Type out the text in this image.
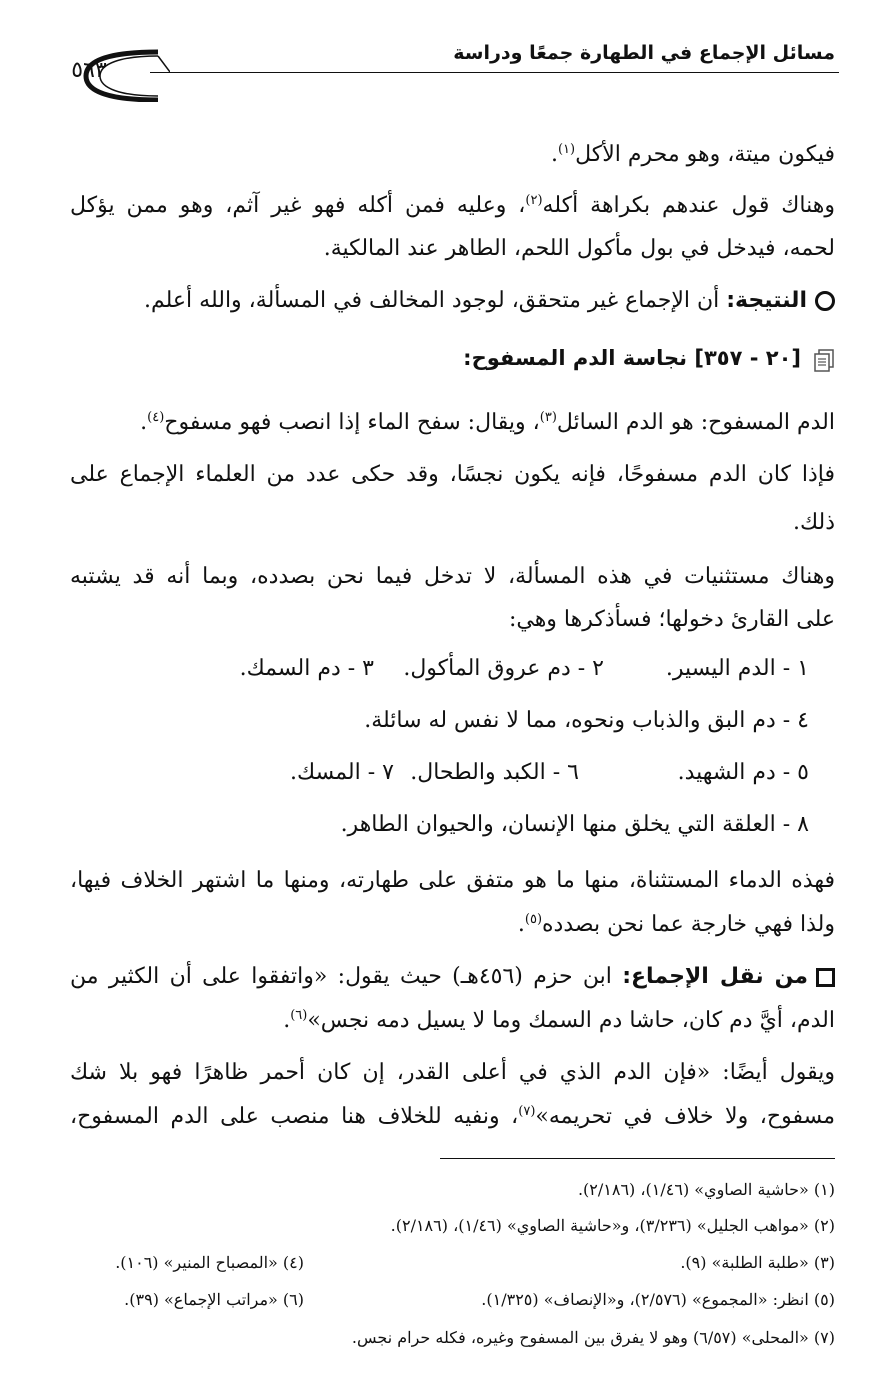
مسائل الإجماع في الطهارة جمعًا ودراسة
٥٦٣
فيكون ميتة، وهو محرم الأكل$^{(١)}$.
وهناك قول عندهم بكراهة أكله$^{(٢)}$، وعليه فمن أكله فهو غير آثم، وهو ممن يؤكل
لحمه، فيدخل في بول مأكول اللحم، الطاهر عند المالكية.
النتيجة: أن الإجماع غير متحقق، لوجود المخالف في المسألة، والله أعلم.
[٢٠ - ٣٥٧] نجاسة الدم المسفوح:
الدم المسفوح: هو الدم السائل$^{(٣)}$، ويقال: سفح الماء إذا انصب فهو مسفوح$^{(٤)}$.
فإذا كان الدم مسفوحًا، فإنه يكون نجسًا، وقد حكى عدد من العلماء الإجماع على
ذلك.
وهناك مستثنيات في هذه المسألة، لا تدخل فيما نحن بصدده، وبما أنه قد يشتبه
على القارئ دخولها؛ فسأذكرها وهي:
١ - الدم اليسير.
٢ - دم عروق المأكول.
٣ - دم السمك.
٤ - دم البق والذباب ونحوه، مما لا نفس له سائلة.
٥ - دم الشهيد.
٦ - الكبد والطحال.
٧ - المسك.
٨ - العلقة التي يخلق منها الإنسان، والحيوان الطاهر.
فهذه الدماء المستثناة، منها ما هو متفق على طهارته، ومنها ما اشتهر الخلاف فيها،
ولذا فهي خارجة عما نحن بصدده$^{(٥)}$.
من نقل الإجماع: ابن حزم (٤٥٦هـ) حيث يقول: «واتفقوا على أن الكثير من
الدم، أيَّ دم كان، حاشا دم السمك وما لا يسيل دمه نجس»$^{(٦)}$.
ويقول أيضًا: «فإن الدم الذي في أعلى القدر، إن كان أحمر ظاهرًا فهو بلا شك
مسفوح، ولا خلاف في تحريمه»$^{(٧)}$، ونفيه للخلاف هنا منصب على الدم المسفوح،
(١) «حاشية الصاوي» (١/٤٦)، (٢/١٨٦).
(٢) «مواهب الجليل» (٣/٢٣٦)، و«حاشية الصاوي» (١/٤٦)، (٢/١٨٦).
(٣) «طلبة الطلبة» (٩).
(٤) «المصباح المنير» (١٠٦).
(٥) انظر: «المجموع» (٢/٥٧٦)، و«الإنصاف» (١/٣٢٥).
(٦) «مراتب الإجماع» (٣٩).
(٧) «المحلى» (٦/٥٧) وهو لا يفرق بين المسفوح وغيره، فكله حرام نجس.
